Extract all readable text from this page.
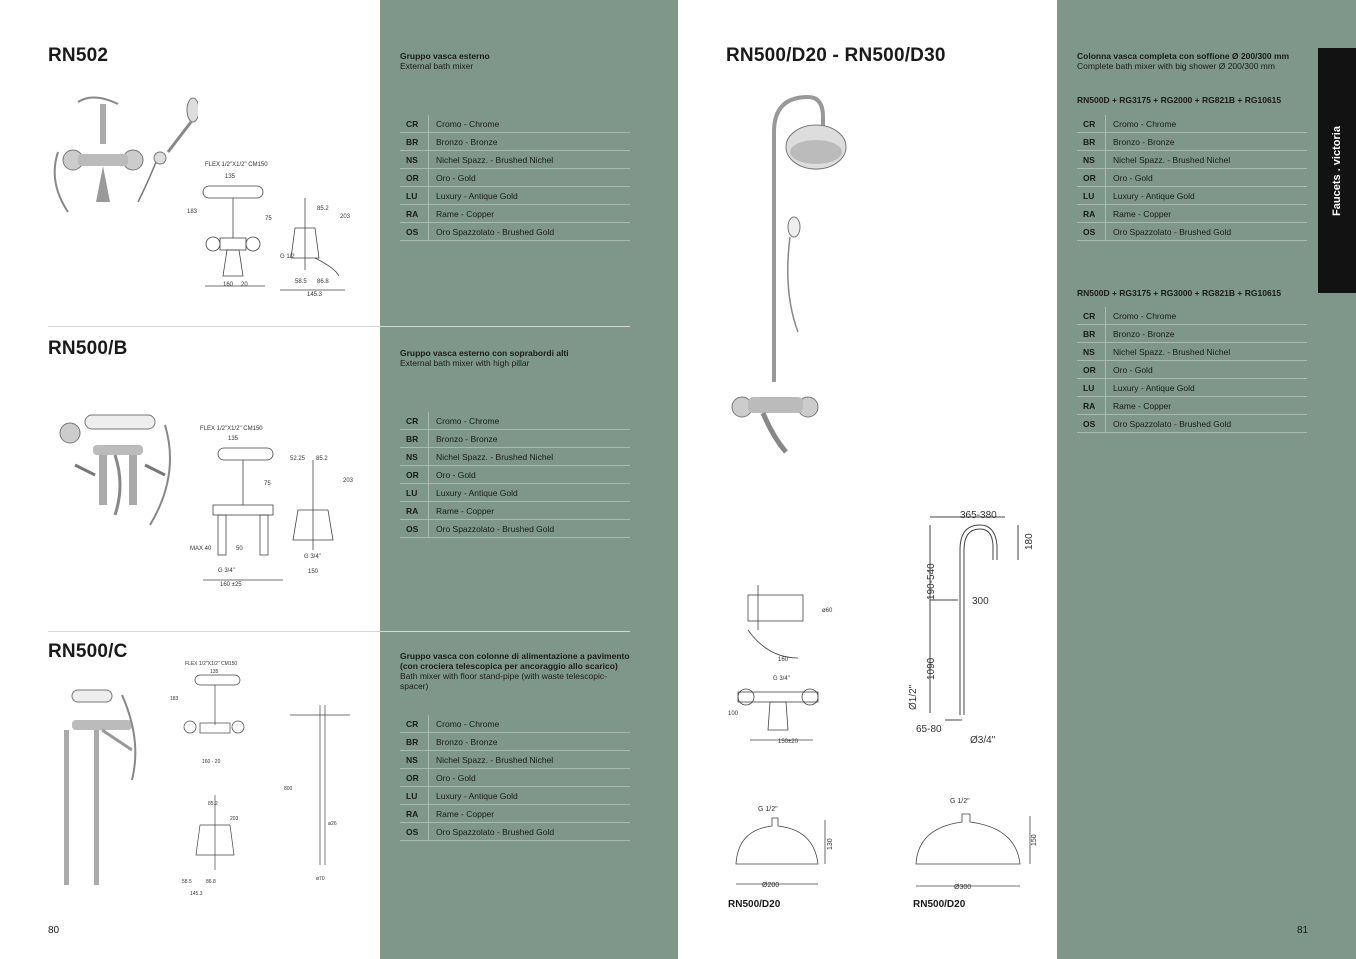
RN502
RN500/B
RN500/C
Gruppo vasca esterno
External bath mixer
Gruppo vasca esterno con soprabordi alti
External bath mixer with high pillar
Gruppo vasca con colonne di alimentazione a pavimento (con crociera telescopica per ancoraggio allo scarico)
Bath mixer with floor stand-pipe (with waste telescopic-spacer)
CR	Cromo - Chrome
BR	Bronzo - Bronze
NS	Nichel Spazz. - Brushed Nichel
OR	Oro - Gold
LU	Luxury - Antique Gold
RA	Rame - Copper
OS	Oro Spazzolato - Brushed Gold
CR	Cromo - Chrome
BR	Bronzo - Bronze
NS	Nichel Spazz. - Brushed Nichel
OR	Oro - Gold
LU	Luxury - Antique Gold
RA	Rame - Copper
OS	Oro Spazzolato - Brushed Gold
CR	Cromo - Chrome
BR	Bronzo - Bronze
NS	Nichel Spazz. - Brushed Nichel
OR	Oro - Gold
LU	Luxury - Antique Gold
RA	Rame - Copper
OS	Oro Spazzolato - Brushed Gold
FLEX 1/2"X1/2" CM150
135
183
203
145.3
58.5 86.8
160 20
75
85.2
G 1/2
FLEX 1/2"X1/2" CM150
135
52.25 85.2
203
MAX 40
G 3/4"
160 ±25
50
75
G 3/4"
150
FLEX 1/2"X1/2" CM150
135
183
203
145.3
58.5	86.8
160 - 20
85.2
800
ø26
ø70
80
RN500/D20 - RN500/D30	Colonna vasca completa con soffione Ø 200/300 mm
Complete bath mixer with big shower Ø 200/300 mm
RN500D + RG3175 + RG2000 + RG821B + RG10615
CR	Cromo - Chrome
BR	Bronzo - Bronze
NS	Nichel Spazz. - Brushed Nichel
OR	Oro - Gold
LU	Luxury - Antique Gold
RA	Rame - Copper
OS	Oro Spazzolato - Brushed Gold
RN500D + RG3175 + RG3000 + RG821B + RG10615
CR	Cromo - Chrome
BR	Bronzo - Bronze
NS	Nichel Spazz. - Brushed Nichel
OR	Oro - Gold
LU	Luxury - Antique Gold
RA	Rame - Copper
OS	Oro Spazzolato - Brushed Gold
Faucets . victoria
G 3/4"
160
150±20
100
ø60
365-380
180
300
190-540
1090
Ø1/2"
65-80
Ø3/4"
G 1/2"
Ø200
130
RN500/D20
G 1/2"
Ø300
150
RN500/D20
81
